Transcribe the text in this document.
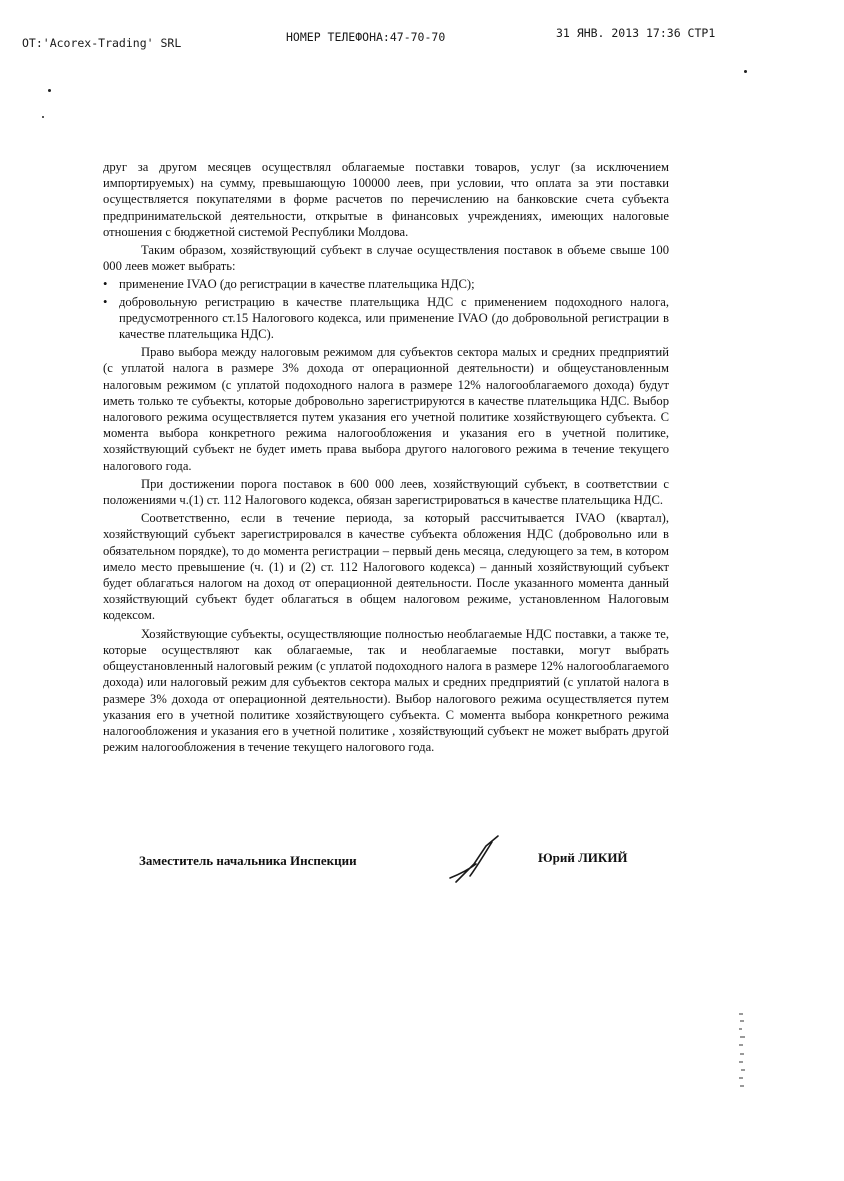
OT:'Acorex-Trading' SRL	НОМЕР ТЕЛЕФОНА:47-70-70	31 ЯНВ. 2013 17:36 СТР1

друг за другом месяцев осуществлял облагаемые поставки товаров, услуг (за исключением импортируемых) на сумму, превышающую 100000 леев, при условии, что оплата за эти поставки осуществляется покупателями в форме расчетов по перечислению на банковские счета субъекта предпринимательской деятельности, открытые в финансовых учреждениях, имеющих налоговые отношения с бюджетной системой Республики Молдова.

Таким образом, хозяйствующий субъект в случае осуществления поставок в объеме свыше 100 000 леев может выбрать:

• применение IVAO (до регистрации в качестве плательщика НДС);
• добровольную регистрацию в качестве плательщика НДС с применением подоходного налога, предусмотренного ст.15 Налогового кодекса, или применение IVAO (до добровольной регистрации в качестве плательщика НДС).

Право выбора между налоговым режимом для субъектов сектора малых и средних предприятий (с уплатой налога в размере 3% дохода от операционной деятельности) и общеустановленным налоговым режимом (с уплатой подоходного налога в размере 12% налогооблагаемого дохода) будут иметь только те субъекты, которые добровольно зарегистрируются в качестве плательщика НДС. Выбор налогового режима осуществляется путем указания его учетной политике хозяйствующего субъекта. С момента выбора конкретного режима налогообложения и указания его в учетной политике, хозяйствующий субъект не будет иметь права выбора другого налогового режима в течение текущего налогового года.

При достижении порога поставок в 600 000 леев, хозяйствующий субъект, в соответствии с положениями ч.(1) ст. 112 Налогового кодекса, обязан зарегистрироваться в качестве плательщика НДС.

Соответственно, если в течение периода, за который рассчитывается IVAO (квартал), хозяйствующий субъект зарегистрировался в качестве субъекта обложения НДС (добровольно или в обязательном порядке), то до момента регистрации – первый день месяца, следующего за тем, в котором имело место превышение (ч. (1) и (2) ст. 112 Налогового кодекса) – данный хозяйствующий субъект будет облагаться налогом на доход от операционной деятельности. После указанного момента данный хозяйствующий субъект будет облагаться в общем налоговом режиме, установленном Налоговым кодексом.

Хозяйствующие субъекты, осуществляющие полностью необлагаемые НДС поставки, а также те, которые осуществляют как облагаемые, так и необлагаемые поставки, могут выбрать общеустановленный налоговый режим (с уплатой подоходного налога в размере 12% налогооблагаемого дохода) или налоговый режим для субъектов сектора малых и средних предприятий (с уплатой налога в размере 3% дохода от операционной деятельности). Выбор налогового режима осуществляется путем указания его в учетной политике хозяйствующего субъекта. С момента выбора конкретного режима налогообложения и указания его в учетной политике , хозяйствующий субъект не может выбрать другой режим налогообложения в течение текущего налогового года.

Заместитель начальника Инспекции	Юрий ЛИКИЙ
